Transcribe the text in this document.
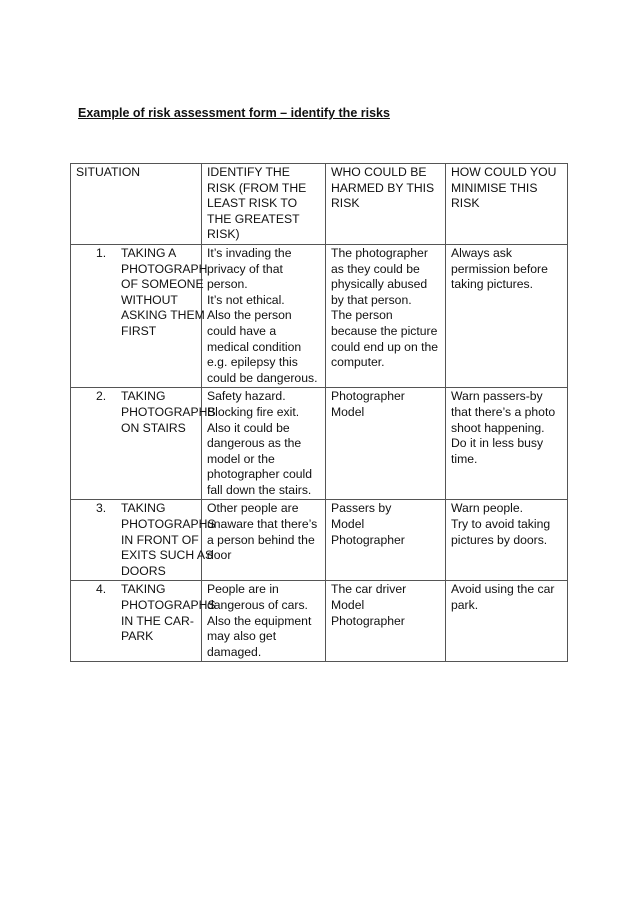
Example of risk assessment form – identify the risks
SITUATION	IDENTIFY THE RISK (FROM THE LEAST RISK TO THE GREATEST RISK)	WHO COULD BE HARMED BY THIS RISK	HOW COULD YOU MINIMISE THIS RISK

1. TAKING A PHOTOGRAPH OF SOMEONE WITHOUT ASKING THEM FIRST	It’s invading the privacy of that person.
It’s not ethical.
Also the person could have a medical condition e.g. epilepsy this could be dangerous.	The photographer as they could be physically abused by that person.
The person because the picture could end up on the computer.	Always ask permission before taking pictures.

2. TAKING PHOTOGRAPHS ON STAIRS	Safety hazard.
Blocking fire exit.
Also it could be dangerous as the model or the photographer could fall down the stairs.	Photographer
Model	Warn passers-by that there’s a photo shoot happening.
Do it in less busy time.

3. TAKING PHOTOGRAPHS IN FRONT OF EXITS SUCH AS DOORS	Other people are unaware that there’s a person behind the door	Passers by
Model
Photographer	Warn people.
Try to avoid taking pictures by doors.

4. TAKING PHOTOGRAPHS IN THE CAR-PARK	People are in dangerous of cars.
Also the equipment may also get damaged.	The car driver
Model
Photographer	Avoid using the car park.
